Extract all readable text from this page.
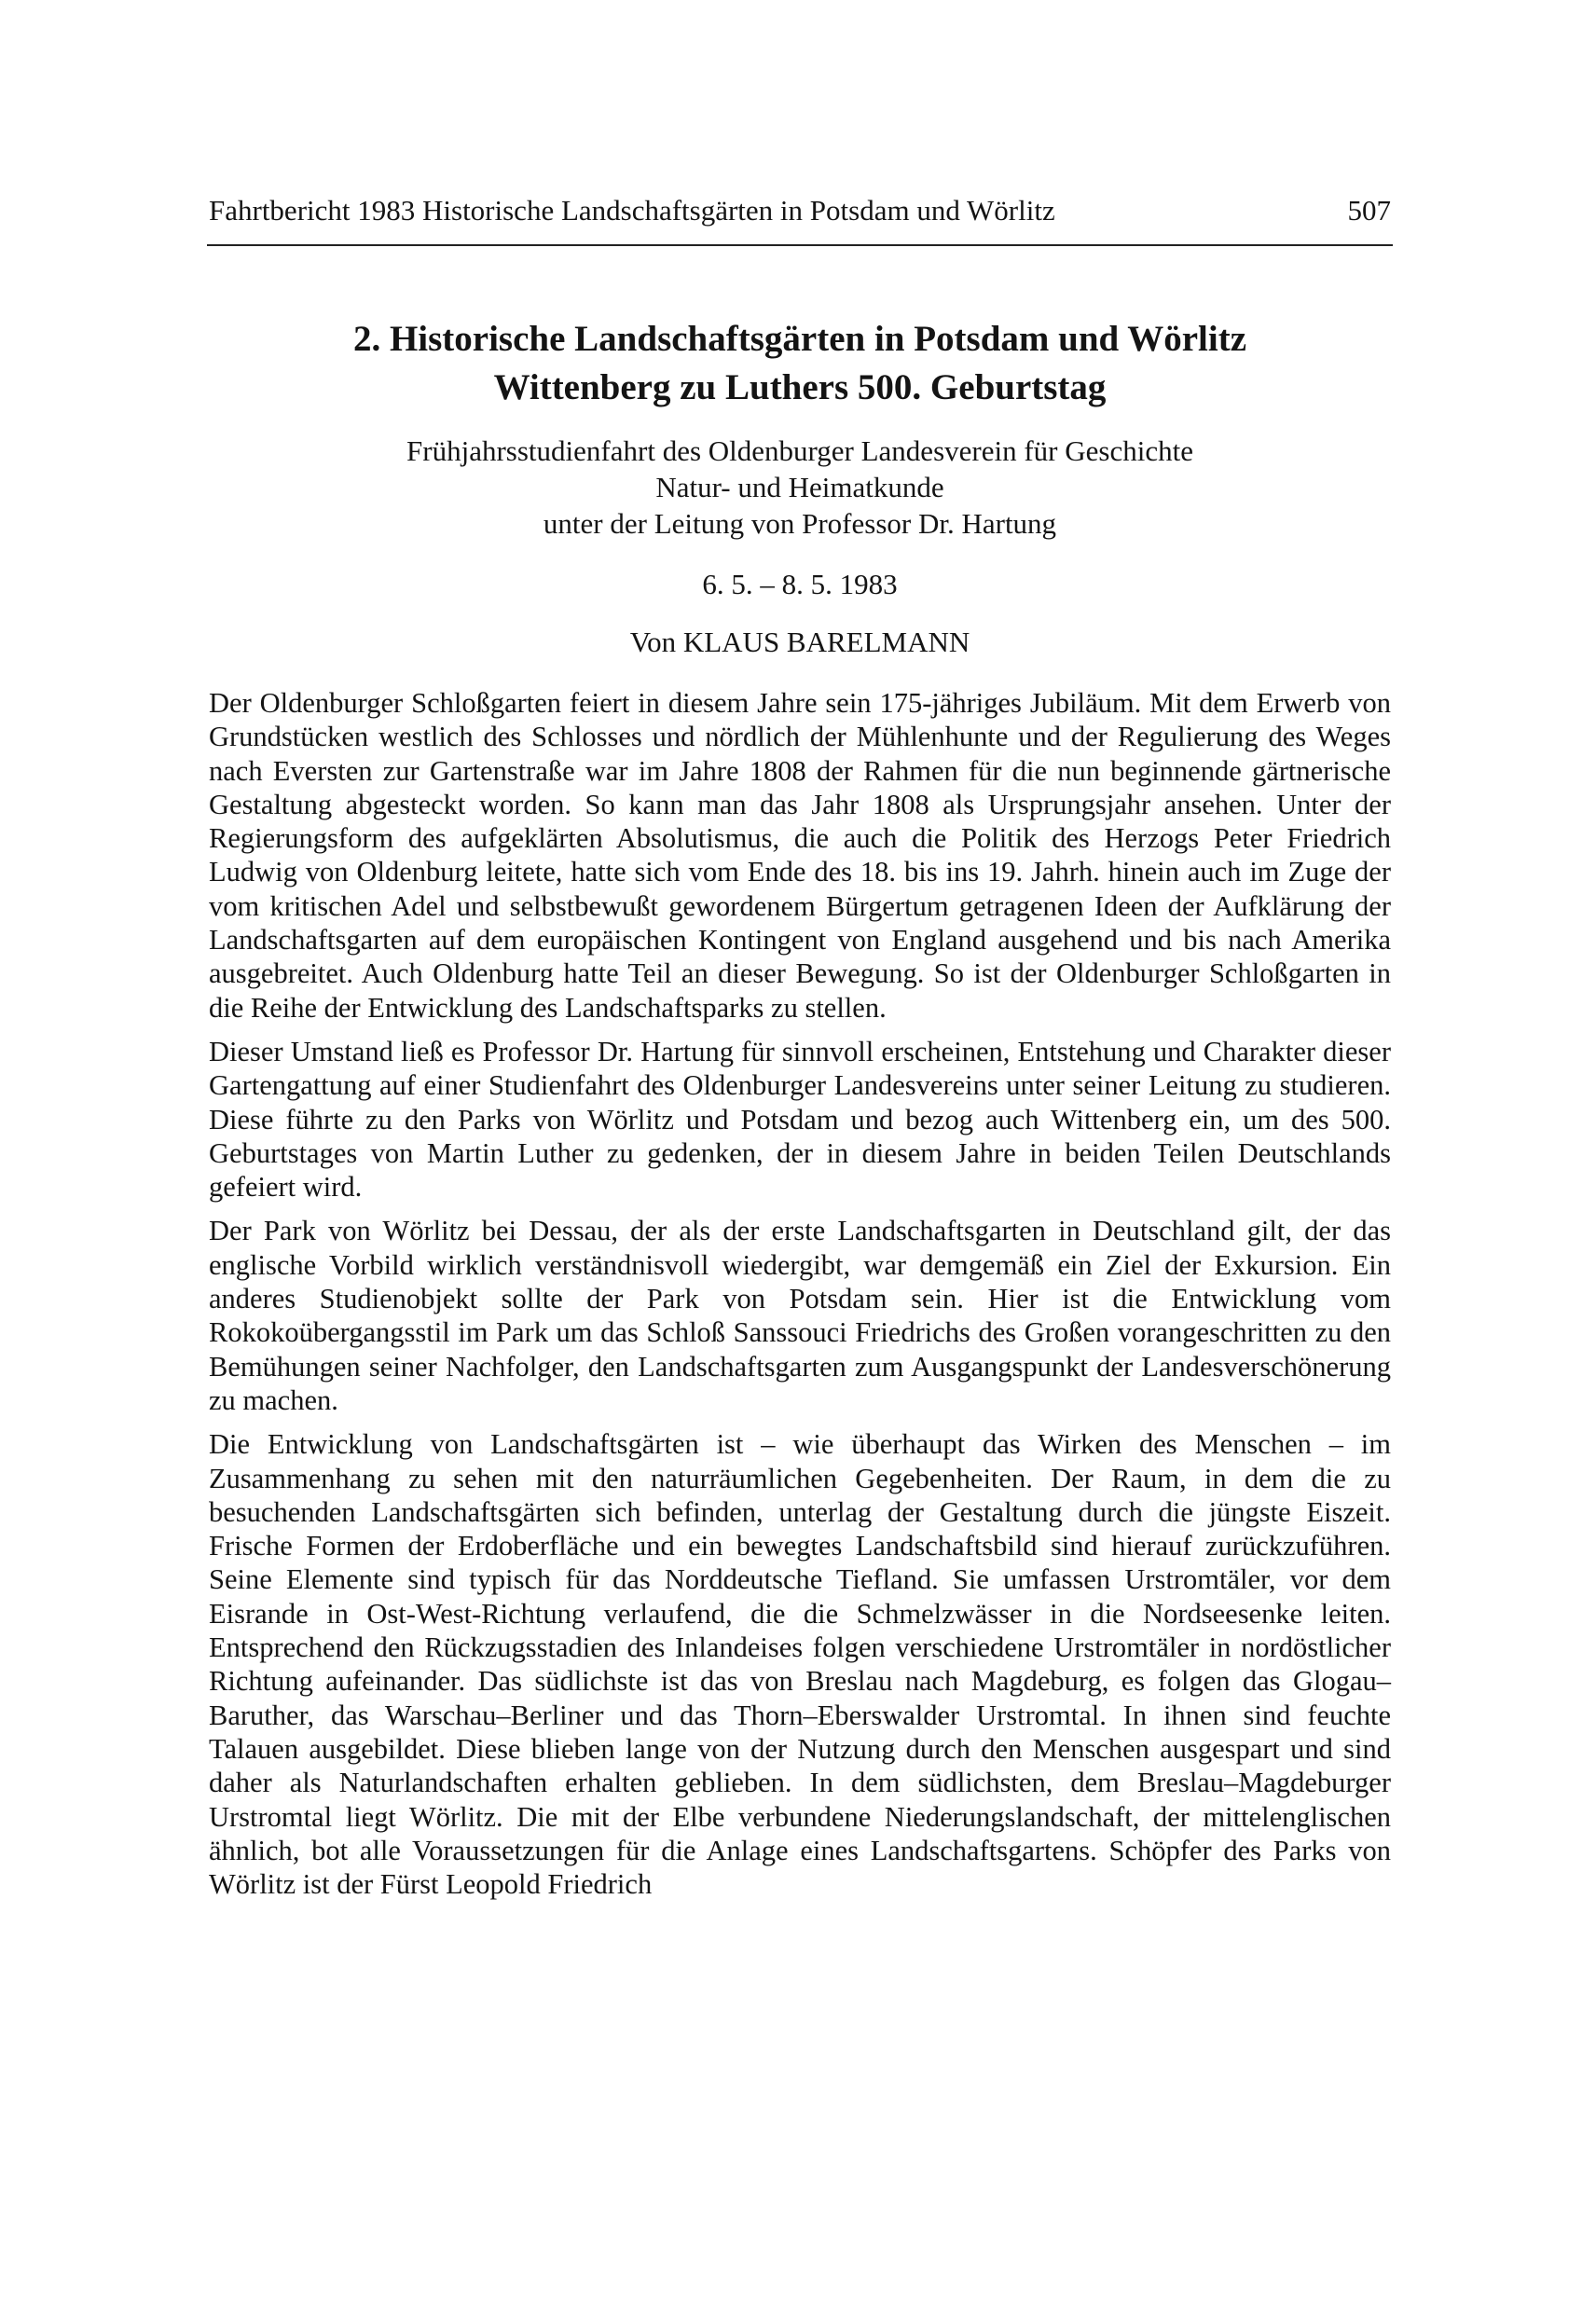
Fahrtbericht 1983 Historische Landschaftsgärten in Potsdam und Wörlitz	507

2. Historische Landschaftsgärten in Potsdam und Wörlitz

Wittenberg zu Luthers 500. Geburtstag

Frühjahrsstudienfahrt des Oldenburger Landesverein für Geschichte

Natur- und Heimatkunde

unter der Leitung von Professor Dr. Hartung

6. 5. – 8. 5. 1983

Von KLAUS BARELMANN

Der Oldenburger Schloßgarten feiert in diesem Jahre sein 175-jähriges Jubiläum. Mit dem Erwerb von Grundstücken westlich des Schlosses und nördlich der Mühlenhunte und der Regulierung des Weges nach Eversten zur Gartenstraße war im Jahre 1808 der Rahmen für die nun beginnende gärtnerische Gestaltung abgesteckt worden. So kann man das Jahr 1808 als Ursprungsjahr ansehen. Unter der Regierungsform des aufgeklärten Absolutismus, die auch die Politik des Herzogs Peter Friedrich Ludwig von Oldenburg leitete, hatte sich vom Ende des 18. bis ins 19. Jahrh. hinein auch im Zuge der vom kritischen Adel und selbstbewußt gewordenem Bürgertum getragenen Ideen der Aufklärung der Landschaftsgarten auf dem europäischen Kontingent von England ausgehend und bis nach Amerika ausgebreitet. Auch Oldenburg hatte Teil an dieser Bewegung. So ist der Oldenburger Schloßgarten in die Reihe der Entwicklung des Landschaftsparks zu stellen.

Dieser Umstand ließ es Professor Dr. Hartung für sinnvoll erscheinen, Entstehung und Charakter dieser Gartengattung auf einer Studienfahrt des Oldenburger Landesvereins unter seiner Leitung zu studieren. Diese führte zu den Parks von Wörlitz und Potsdam und bezog auch Wittenberg ein, um des 500. Geburtstages von Martin Luther zu gedenken, der in diesem Jahre in beiden Teilen Deutschlands gefeiert wird.

Der Park von Wörlitz bei Dessau, der als der erste Landschaftsgarten in Deutschland gilt, der das englische Vorbild wirklich verständnisvoll wiedergibt, war demgemäß ein Ziel der Exkursion. Ein anderes Studienobjekt sollte der Park von Potsdam sein. Hier ist die Entwicklung vom Rokokoübergangsstil im Park um das Schloß Sanssouci Friedrichs des Großen vorangeschritten zu den Bemühungen seiner Nachfolger, den Landschaftsgarten zum Ausgangspunkt der Landesverschönerung zu machen.

Die Entwicklung von Landschaftsgärten ist – wie überhaupt das Wirken des Menschen – im Zusammenhang zu sehen mit den naturräumlichen Gegebenheiten. Der Raum, in dem die zu besuchenden Landschaftsgärten sich befinden, unterlag der Gestaltung durch die jüngste Eiszeit. Frische Formen der Erdoberfläche und ein bewegtes Landschaftsbild sind hierauf zurückzuführen. Seine Elemente sind typisch für das Norddeutsche Tiefland. Sie umfassen Urstromtäler, vor dem Eisrande in Ost-West-Richtung verlaufend, die die Schmelzwässer in die Nordseesenke leiten. Entsprechend den Rückzugsstadien des Inlandeises folgen verschiedene Urstromtäler in nordöstlicher Richtung aufeinander. Das südlichste ist das von Breslau nach Magdeburg, es folgen das Glogau–Baruther, das Warschau–Berliner und das Thorn–Eberswalder Urstromtal. In ihnen sind feuchte Talauen ausgebildet. Diese blieben lange von der Nutzung durch den Menschen ausgespart und sind daher als Naturlandschaften erhalten geblieben. In dem südlichsten, dem Breslau–Magdeburger Urstromtal liegt Wörlitz. Die mit der Elbe verbundene Niederungslandschaft, der mittelenglischen ähnlich, bot alle Voraussetzungen für die Anlage eines Landschaftsgartens. Schöpfer des Parks von Wörlitz ist der Fürst Leopold Friedrich
